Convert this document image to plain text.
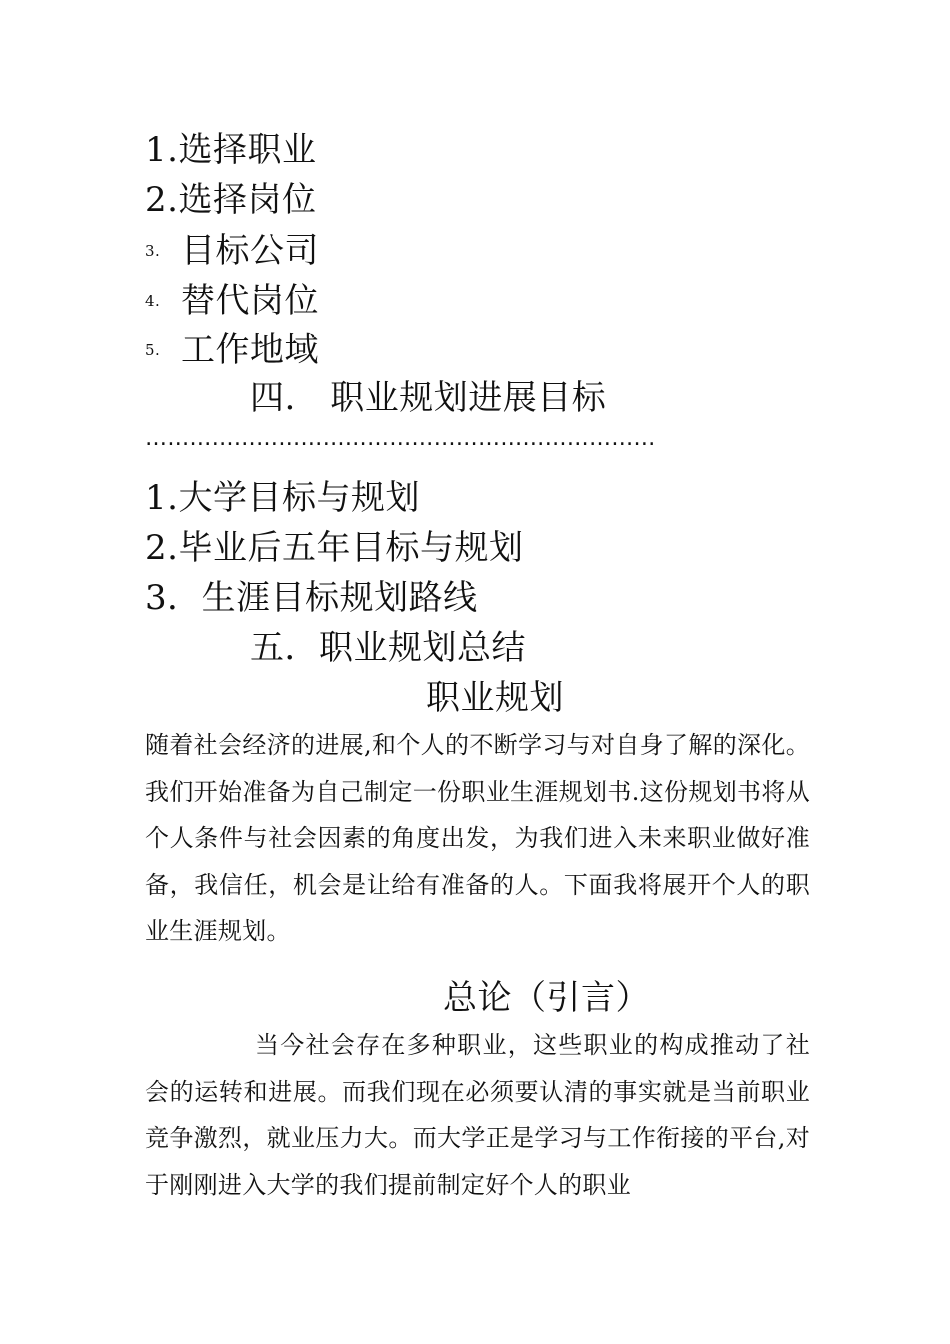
1.选择职业
2.选择岗位
3. 目标公司
4. 替代岗位
5. 工作地域
四.　职业规划进展目标
……………………………………………………………
1.大学目标与规划
2.毕业后五年目标与规划
3．生涯目标规划路线
五．职业规划总结
职业规划
随着社会经济的进展,和个人的不断学习与对自身了解的深化。我们开始准备为自己制定一份职业生涯规划书.这份规划书将从个人条件与社会因素的角度出发，为我们进入未来职业做好准备，我信任，机会是让给有准备的人。下面我将展开个人的职业生涯规划。
总论（引言）
当今社会存在多种职业，这些职业的构成推动了社会的运转和进展。而我们现在必须要认清的事实就是当前职业竞争激烈，就业压力大。而大学正是学习与工作衔接的平台,对于刚刚进入大学的我们提前制定好个人的职业
